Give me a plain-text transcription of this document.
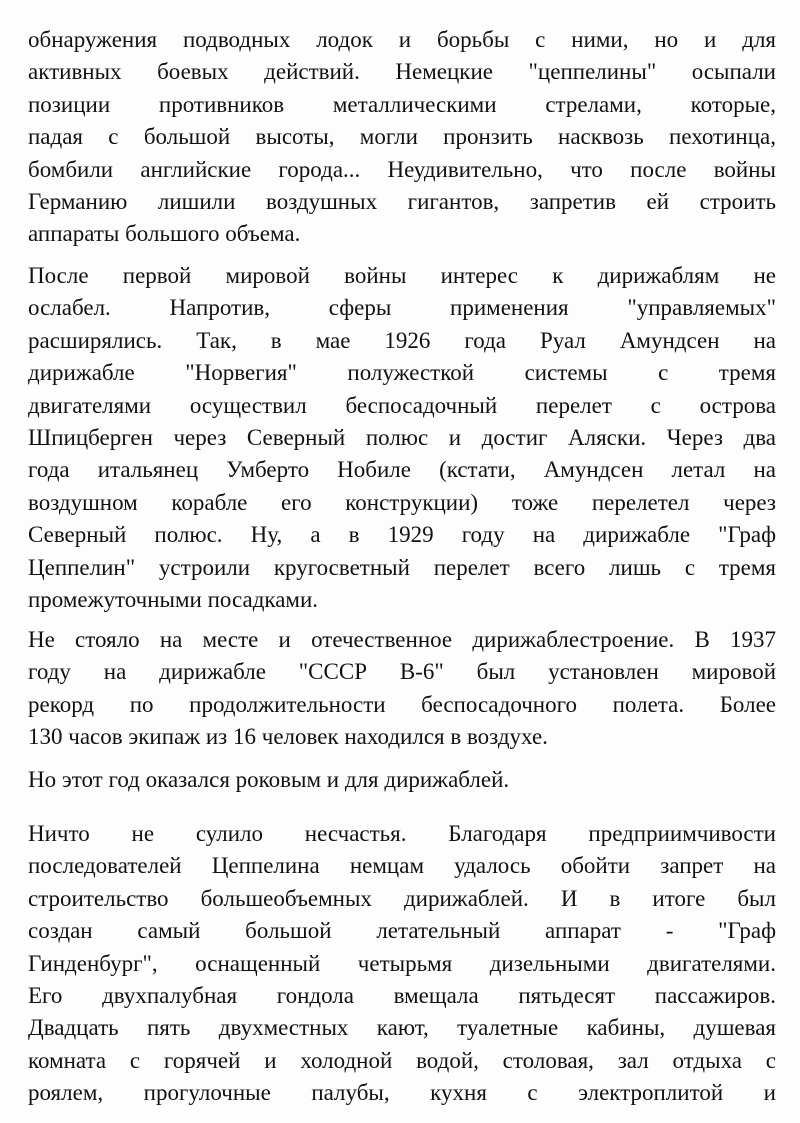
обнаружения подводных лодок и борьбы с ними, но и для
активных боевых действий. Немецкие "цеппелины" осыпали
позиции противников металлическими стрелами, которые,
падая с большой высоты, могли пронзить насквозь пехотинца,
бомбили английские города... Неудивительно, что после войны
Германию лишили воздушных гигантов, запретив ей строить
аппараты большого объема.
После первой мировой войны интерес к дирижаблям не
ослабел. Напротив, сферы применения "управляемых"
расширялись. Так, в мае 1926 года Руал Амундсен на
дирижабле "Норвегия" полужесткой системы с тремя
двигателями осуществил беспосадочный перелет с острова
Шпицберген через Северный полюс и достиг Аляски. Через два
года итальянец Умберто Нобиле (кстати, Амундсен летал на
воздушном корабле его конструкции) тоже перелетел через
Северный полюс. Ну, а в 1929 году на дирижабле "Граф
Цеппелин" устроили кругосветный перелет всего лишь с тремя
промежуточными посадками.
Не стояло на месте и отечественное дирижаблестроение. В 1937
году на дирижабле "СССР В-6" был установлен мировой
рекорд по продолжительности беспосадочного полета. Более
130 часов экипаж из 16 человек находился в воздухе.
Но этот год оказался роковым и для дирижаблей.
Ничто не сулило несчастья. Благодаря предприимчивости
последователей Цеппелина немцам удалось обойти запрет на
строительство большеобъемных дирижаблей. И в итоге был
создан самый большой летательный аппарат - "Граф
Гинденбург", оснащенный четырьмя дизельными двигателями.
Его двухпалубная гондола вмещала пятьдесят пассажиров.
Двадцать пять двухместных кают, туалетные кабины, душевая
комната с горячей и холодной водой, столовая, зал отдыха с
роялем, прогулочные палубы, кухня с электроплитой и
